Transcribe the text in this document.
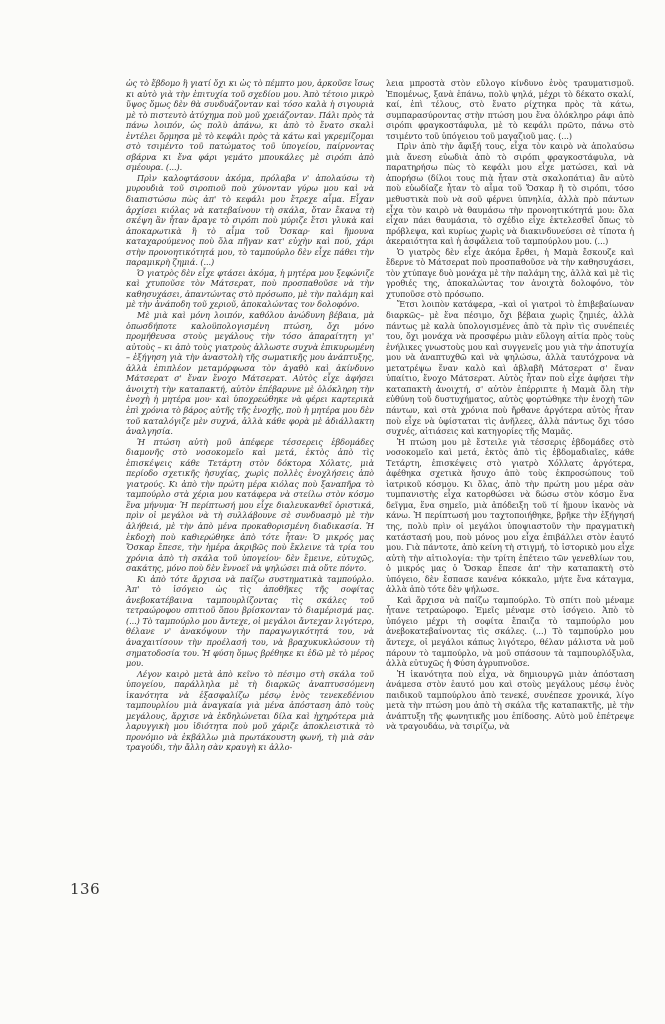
ὡς τὸ ἕβδομο ἢ γιατί ὄχι κι ὡς τὸ πέμπτο μου, ἀρκοῦσε ἴσως κι αὐτὸ γιὰ τὴν ἐπιτυχία τοῦ σχεδίου μου. Ἀπὸ τέτοιο μικρὸ ὕψος ὅμως δὲν θὰ συνδυάζονταν καὶ τόσο καλὰ ἡ σιγουριὰ μὲ τὸ πιστευτὸ ἀτύχημα ποὺ μοῦ χρειάζονταν. Πάλι πρὸς τὰ πάνω λοιπόν, ὡς πολὺ ἀπάνω, κι ἀπὸ τὸ ἔνατο σκαλὶ ἐντέλει ὅρμησα μὲ τὸ κεφάλι πρὸς τὰ κάτω καὶ γκρεμίζομαι στὸ τσιμέντο τοῦ πατώματος τοῦ ὑπογείου, παίρνοντας σβάρνα κι ἕνα φάρι γεμάτο μπουκάλες μὲ σιρόπι ἀπὸ σμέουρα. (...).

Πρὶν καλοφτάσουν ἀκόμα, πρόλαβα ν' ἀπολαύσω τὴ μυρουδιὰ τοῦ σιροπιοῦ ποὺ χύνονταν γύρω μου καὶ νὰ διαπιστώσω πὼς ἀπ' τὸ κεφάλι μου ἔτρεχε αἷμα. Εἶχαν ἀρχίσει κιόλας νὰ κατεβαίνουν τὴ σκάλα, ὅταν ἔκανα τὴ σκέψη ἂν ἦταν ἄραγε τὸ σιρόπι ποὺ μύριζε ἔτσι γλυκὰ καὶ ἀποκαρωτικὰ ἢ τὸ αἷμα τοῦ Ὄσκαρ· καὶ ἥμουνα καταχαρούμενος ποὺ ὅλα πῆγαν κατ' εὐχὴν καὶ πού, χάρι στὴν προνοητικότητά μου, τὸ ταμπούρλο δὲν εἶχε πάθει τὴν παραμικρὴ ζημιά. (...)

Ὁ γιατρὸς δὲν εἶχε φτάσει ἀκόμα, ἡ μητέρα μου ξεφώνιζε καὶ χτυποῦσε τὸν Μάτσερατ, ποὺ προσπαθοῦσε νὰ τὴν καθησυχάσει, ἀπαντώντας στὸ πρόσωπο, μὲ τὴν παλάμη καὶ μὲ τὴν ἀνάποδη τοῦ χεριοῦ, ἀποκαλώντας τον δολοφόνο.

Μὲ μιὰ καὶ μόνη λοιπόν, καθόλου ἀνώδυνη βέβαια, μὰ ὁπωσδήποτε καλοϋπολογισμένη πτώση, ὄχι μόνο προμήθευσα στοὺς μεγάλους τὴν τόσο ἀπαραίτητη γι' αὐτοὺς – κι ἀπὸ τοὺς γιατροὺς ἀλλωστε συχνὰ ἐπικυρωμένη – ἐξήγηση γιὰ τὴν ἀναστολὴ τῆς σωματικῆς μου ἀνάπτυξης, ἀλλὰ ἐπιπλέον μεταμόρφωσα τὸν ἀγαθὸ καὶ ἀκίνδυνο Μάτσερατ σ' ἕναν ἔνοχο Μάτσερατ. Αὐτὸς εἶχε ἀφήσει ἀνοιχτὴ τὴν καταπακτή, αὐτὸν ἐπέβαρυνε μὲ ὁλόκληρη τὴν ἐνοχὴ ἡ μητέρα μου· καὶ ὑποχρεώθηκε νὰ φέρει καρτερικὰ ἐπὶ χρόνια τὸ βάρος αὐτῆς τῆς ἐνοχῆς, ποὺ ἡ μητέρα μου δὲν τοῦ καταλόγιζε μὲν συχνά, ἀλλὰ κάθε φορὰ μὲ ἀδιάλλακτη ἀναλγησία.

Ἡ πτώση αὐτὴ μοῦ ἀπέφερε τέσσερεις ἑβδομάδες διαμονῆς στὸ νοσοκομεῖο καὶ μετά, ἐκτὸς ἀπὸ τὶς ἐπισκέψεις κάθε Τετάρτη στὸν δόκτορα Χόλατς, μιὰ περίοδο σχετικῆς ἡσυχίας, χωρὶς πολλὲς ἐνοχλήσεις ἀπὸ γιατρούς. Κι ἀπὸ τὴν πρώτη μέρα κιόλας ποὺ ξαναπῆρα τὸ ταμπούρλο στὰ χέρια μου κατάφερα νὰ στείλω στὸν κόσμο ἕνα μήνυμα· Ἡ περίπτωσή μου εἶχε διαλευκανθεῖ ὁριστικά, πρὶν οἱ μεγάλοι νὰ τὴ συλλάβουνε σὲ συνδυασμὸ μὲ τὴν ἀλήθειά, μὲ τὴν ἀπὸ μένα προκαθορισμένη διαδικασία. Ἡ ἐκδοχὴ ποὺ καθιερώθηκε ἀπὸ τότε ἦταν: Ὁ μικρός μας Ὄσκαρ ἔπεσε, τὴν ἡμέρα ἀκριβῶς ποὺ ἔκλεινε τὰ τρία του χρόνια ἀπὸ τὴ σκάλα τοῦ ὑπογείου· δὲν ἔμεινε, εὐτυχῶς, σακάτης, μόνο ποὺ δὲν ἔννοεῖ νὰ ψηλώσει πιὰ οὔτε πόντο.

Κι ἀπὸ τότε ἄρχισα νὰ παίζω συστηματικὰ ταμπούρλο. Ἀπ' τὸ ἰσόγειο ὡς τὶς ἀποθῆκες τῆς σοφίτας ἀνεβοκατέβαινα ταμπουρλίζοντας τὶς σκάλες τοῦ τετραώροφου σπιτιοῦ ὅπου βρίσκονταν τὸ διαμέρισμά μας. (...) Τὸ ταμπούρλο μου ἄντεχε, οἱ μεγάλοι ἄντεχαν λιγότερο, θέλανε ν' ἀνακόψουν τὴν παραγωγικότητά του, νὰ ἀναχαιτίσουν τὴν προέλασή του, νὰ βραχυκυκλώσουν τὴ σηματοδοσία του. Ἡ φύση ὅμως βρέθηκε κι ἐδῶ μὲ τὸ μέρος μου.

Λέγον καιρὸ μετὰ ἀπὸ κεῖνο τὸ πέσιμο στὴ σκάλα τοῦ ὑπογείου, παράλληλα μὲ τὴ διαρκῶς ἀναπτυσσόμενη ἱκανότητα νὰ ἐξασφαλίζω μέσῳ ἑνὸς τενεκεδένιου ταμπουρλίου μιὰ ἀναγκαία γιὰ μένα ἀπόσταση ἀπὸ τοὺς μεγάλους, ἄρχισε νὰ ἐκδηλώνεται δίλα καὶ ἡχηρότερα μιὰ λαρυγγικὴ μου ἰδιότητα ποὺ μοῦ χάριζε ἀποκλειστικὰ τὸ προνόμιο νὰ ἐκβάλλω μιὰ πρωτάκουστη φωνή, τὴ μιὰ σὰν τραγούδι, τὴν ἄλλη σὰν κραυγὴ κι ἀλλο-

λεια μπροστὰ στὸν εὔλογο κίνδυνο ἑνὸς τραυματισμοῦ. Ἐπομένως, ξανὰ ἐπάνω, πολὺ ψηλά, μέχρι τὸ δέκατο σκαλί, καί, ἐπὶ τέλους, στὸ ἔνατο ρίχτηκα πρὸς τὰ κάτω, συμπαρασύροντας στὴν πτώση μου ἕνα ὁλόκληρο ράφι ἀπὸ σιρόπι φραγκοστάφυλα, μὲ τὸ κεφάλι πρῶτο, πάνω στὸ τσιμέντο τοῦ ὑπόγειου τοῦ μαγαζιοῦ μας. (...)

Πρὶν ἀπὸ τὴν ἄφιξή τους, εἶχα τὸν καιρὸ νὰ ἀπολαύσω μιὰ ἄνεση εὐωδιὰ ἀπὸ τὸ σιρόπι φραγκοστάφυλα, νὰ παρατηρήσω πὼς τὸ κεφάλι μου εἶχε ματώσει, καὶ νὰ ἀπορήσω (δίλοι τους πιὰ ἦταν στὰ σκαλοπάτια) ἂν αὐτὸ ποὺ εὐωδίαζε ἦταν τὸ αἷμα τοῦ Ὄσκαρ ἢ τὸ σιρόπι, τόσο μεθυστικὰ ποὺ νὰ σοῦ φέρνει ὑπνηλία, ἀλλὰ πρὸ πάντων εἶχα τὸν καιρὸ νὰ θαυμάσω τὴν προνοητικότητά μου: ὅλα εἶχαν πάει θαυμάσια, τὸ σχέδιο εἶχε ἐκτελεσθεῖ ὅπως τὸ πρόβλεψα, καὶ κυρίως χωρὶς νὰ διακινδυνεύσει σὲ τίποτα ἡ ἀκεραιότητα καὶ ἡ ἀσφάλεια τοῦ ταμπούρλου μου. (...)

Ὁ γιατρὸς δὲν εἶχε ἀκόμα ἔρθει, ἡ Μαμὰ ἔσκουζε καὶ ἔδερνε τὸ Μάτσεραt ποὺ προσπαθοῦσε νὰ τὴν καθησυχάσει, τὸν χτύπαγε δυὸ μονάχα μὲ τὴν παλάμη της, ἀλλὰ καὶ μὲ τὶς γροθιές της, ἀποκαλώντας τον ἀνοιχτὰ δολοφόνο, τὸν χτυποῦσε στὸ πρόσωπο.

Ἔτσι λοιπὸν κατάφερα, –καὶ οἱ γιατροὶ τὸ ἐπιβεβαίωναν διαρκῶς– μὲ ἕνα πέσιμο, ὄχι βέβαια χωρὶς ζημιές, ἀλλὰ πάντως μὲ καλὰ ὑπολογισμένες ἀπὸ τὰ πρὶν τὶς συνέπειές του, ὄχι μονάχα νὰ προσφέρω μιὰν εὔλογη αἰτία πρὸς τοὺς ἐνήλικες γνωστοὺς μου καὶ συγγενεῖς μου γιὰ τὴν ἀποτυχία μου νὰ ἀναπτυχθῶ καὶ νὰ ψηλώσω, ἀλλὰ ταυτόχρονα νὰ μετατρέψω ἕναν καλὸ καὶ ἀβλαβῆ Μάτσερατ σ' ἕναν ὑπαίτιο, ἔνοχο Μάτσερατ. Αὐτὸς ἦταν ποὺ εἶχε ἀφήσει τὴν καταπακτὴ ἀνοιχτή, σ' αὐτὸν ἐπέρριπτε ἡ Μαμὰ ὅλη τὴν εὐθύνη τοῦ δυστυχήματος, αὐτὸς φορτώθηκε τὴν ἐνοχὴ τῶν πάντων, καὶ στὰ χρόνια ποὺ ἤρθανε ἀργότερα αὐτὸς ἦταν ποὺ εἶχε νὰ ὑφίσταται τὶς ἀνῆλεες, ἀλλὰ πάντως ὄχι τόσο συχνές, αἰτιάσεις καὶ κατηγορίες τῆς Μαμᾶς.

Ἡ πτώση μου μὲ ἔστειλε γιὰ τέσσερις ἑβδομάδες στὸ νοσοκομεῖο καὶ μετά, ἐκτὸς ἀπὸ τὶς ἑβδομαδιαῖες, κάθε Τετάρτη, ἐπισκέψεις στὸ γιατρὸ Χόλλατς ἀργότερα, ἀφέθηκα σχετικὰ ἥσυχο ἀπὸ τοὺς ἐκπροσώπους τοῦ ἰατρικοῦ κόσμου. Κι ὅλας, ἀπὸ τὴν πρώτη μου μέρα σὰν τυμπανιστὴς εἶχα κατορθώσει νὰ δώσω στὸν κόσμο ἕνα δεῖγμα, ἕνα σημεῖο, μιὰ ἀπόδειξη τοῦ τί ἤμουν ἱκανὸς νὰ κάνω. Ἡ περίπτωσή μου ταχτοποιήθηκε, βρῆκε τὴν ἐξήγησή της, πολὺ πρὶν οἱ μεγάλοι ὑποψιαστοῦν τὴν πραγματικὴ κατάστασή μου, ποὺ μόνος μου εἶχα ἐπιβάλλει στὸν ἑαυτό μου. Γιὰ πάντοτε, ἀπὸ κείνη τὴ στιγμή, τὸ ἱστορικὸ μου εἶχε αὐτὴ τὴν αἰτιολογία: τὴν τρίτη ἐπέτειο τῶν γενεθλίων του, ὁ μικρός μας ὁ Ὄσκαρ ἔπεσε ἀπ' τὴν καταπακτὴ στὸ ὑπόγειο, δὲν ἔσπασε κανένα κόκκαλο, μήτε ἕνα κάταγμα, ἀλλὰ ἀπὸ τότε δὲν ψήλωσε.

Καὶ ἄρχισα νὰ παίζω ταμπούρλο. Τὸ σπίτι ποὺ μέναμε ἦτανε τετραώροφο. Ἐμεῖς μέναμε στὸ ἰσόγειο. Ἀπὸ τὸ ὑπόγειο μέχρι τὴ σοφίτα ἔπαιζα τὸ ταμπούρλο μου ἀνεβοκατεβαίνοντας τὶς σκάλες. (...) Τὸ ταμπούρλο μου ἄντεχε, οἱ μεγάλοι κάπως λιγότερο, θέλαν μάλιστα νὰ μοῦ πάρουν τὸ ταμπούρλο, νὰ μοῦ σπάσουν τὰ ταμπουρλόξυλα, ἀλλὰ εὐτυχῶς ἡ Φύση ἀγρυπνοῦσε.

Ἡ ἱκανότητα ποὺ εἶχα, νὰ δημιουργῶ μιὰν ἀπόσταση ἀνάμεσα στὸν ἑαυτό μου καὶ στοὺς μεγάλους μέσῳ ἑνὸς παιδικοῦ ταμπούρλου ἀπὸ τενεκέ, συνέπεσε χρονικά, λίγο μετὰ τὴν πτώση μου ἀπὸ τὴ σκάλα τῆς καταπακτῆς, μὲ τὴν ἀνάπτυξη τῆς φωνητικῆς μου ἐπίδοσης. Αὐτὸ μοῦ ἐπέτρεψε νὰ τραγουδάω, νὰ τσιρίζω, νὰ

136
